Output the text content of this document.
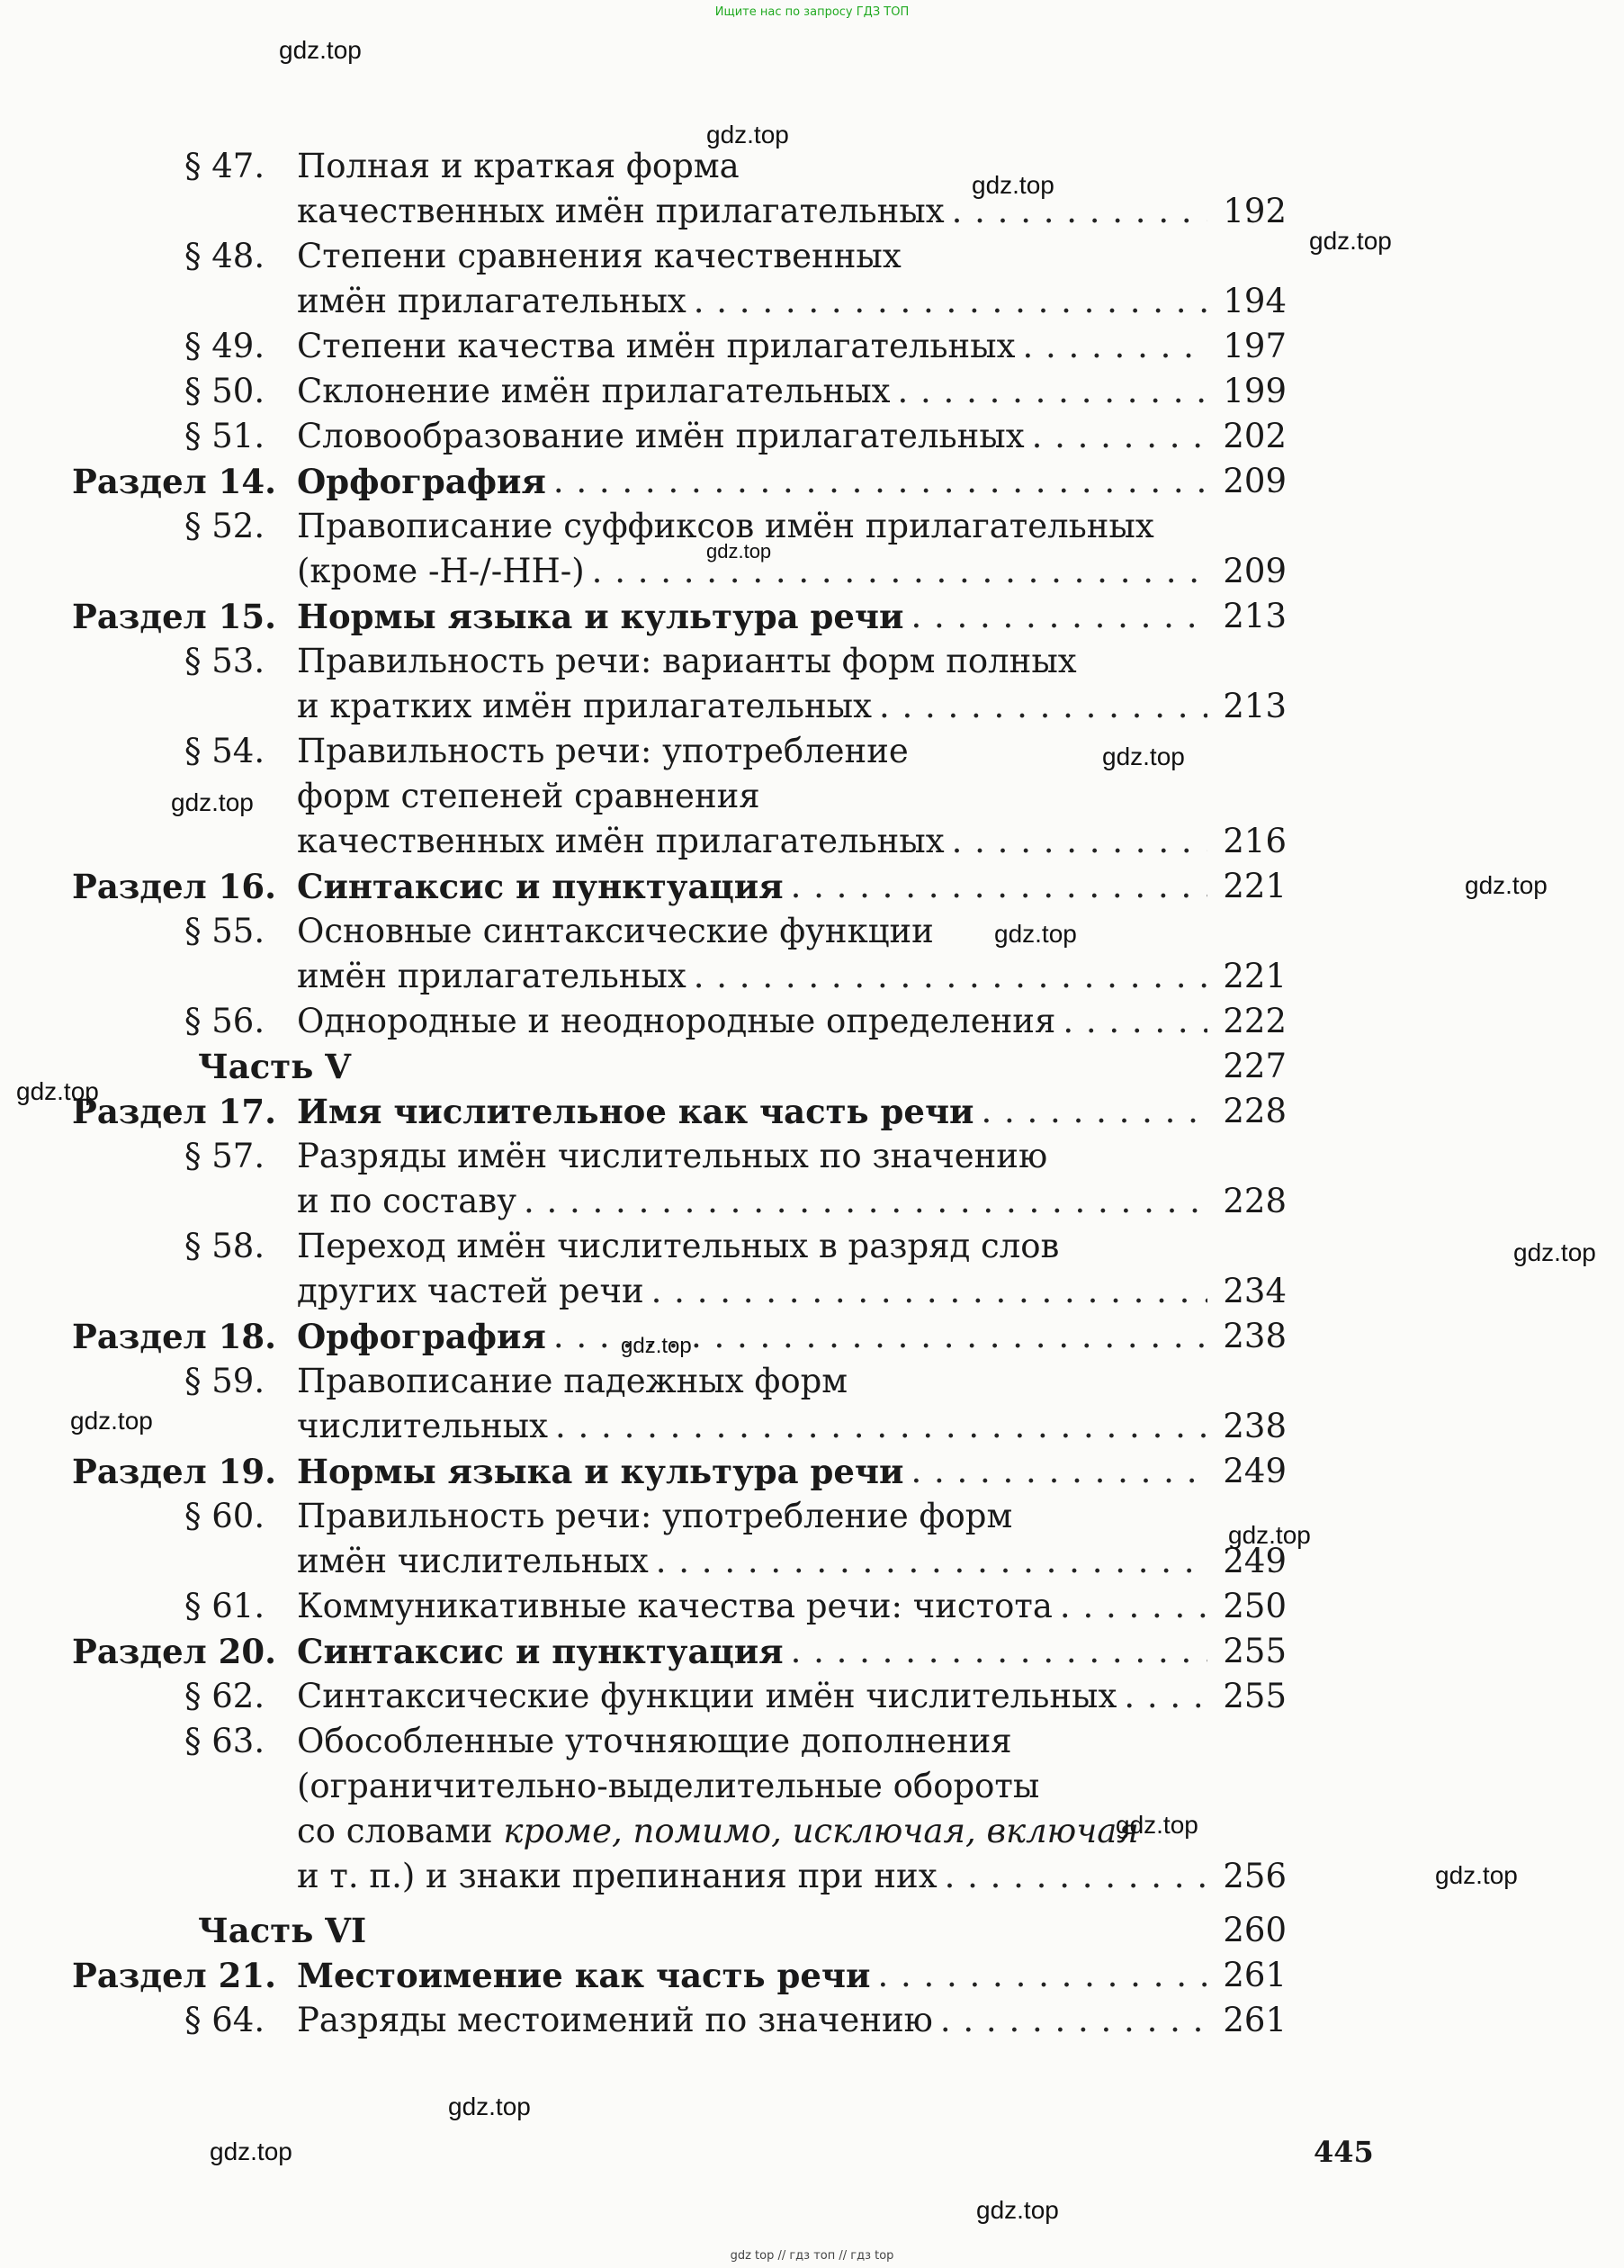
Ищите нас по запросу ГДЗ ТОП
§ 47. Полная и краткая форма
качественных имён прилагательных . . .	192
§ 48. Степени сравнения качественных
имён прилагательных . . .	194
§ 49. Степени качества имён прилагательных . . .	197
§ 50. Склонение имён прилагательных . . .	199
§ 51. Словообразование имён прилагательных . . .	202
Раздел 14. Орфография . . .	209
§ 52. Правописание суффиксов имён прилагательных
(кроме -Н-/-НН-) . . .	209
Раздел 15. Нормы языка и культура речи . . .	213
§ 53. Правильность речи: варианты форм полных
и кратких имён прилагательных . . .	213
§ 54. Правильность речи: употребление
форм степеней сравнения
качественных имён прилагательных . . .	216
Раздел 16. Синтаксис и пунктуация . . .	221
§ 55. Основные синтаксические функции
имён прилагательных . . .	221
§ 56. Однородные и неоднородные определения . . .	222
Часть V	227
Раздел 17. Имя числительное как часть речи . . .	228
§ 57. Разряды имён числительных по значению
и по составу . . .	228
§ 58. Переход имён числительных в разряд слов
других частей речи . . .	234
Раздел 18. Орфография . . .	238
§ 59. Правописание падежных форм
числительных . . .	238
Раздел 19. Нормы языка и культура речи . . .	249
§ 60. Правильность речи: употребление форм
имён числительных . . .	249
§ 61. Коммуникативные качества речи: чистота . . .	250
Раздел 20. Синтаксис и пунктуация . . .	255
§ 62. Синтаксические функции имён числительных . . .	255
§ 63. Обособленные уточняющие дополнения
(ограничительно-выделительные обороты
со словами кроме, помимо, исключая, включая
и т. п.) и знаки препинания при них . . .	256
Часть VI	260
Раздел 21. Местоимение как часть речи . . .	261
§ 64. Разряды местоимений по значению . . .	261
445
gdz top // гдз топ // гдз top
gdz.top
gdz.top
gdz.top
gdz.top
gdz.top
gdz.top
gdz.top
gdz.top
gdz.top
gdz.top
gdz.top
gdz.top
gdz.top
gdz.top
gdz.top
gdz.top
gdz.top
gdz.top
gdz.top
